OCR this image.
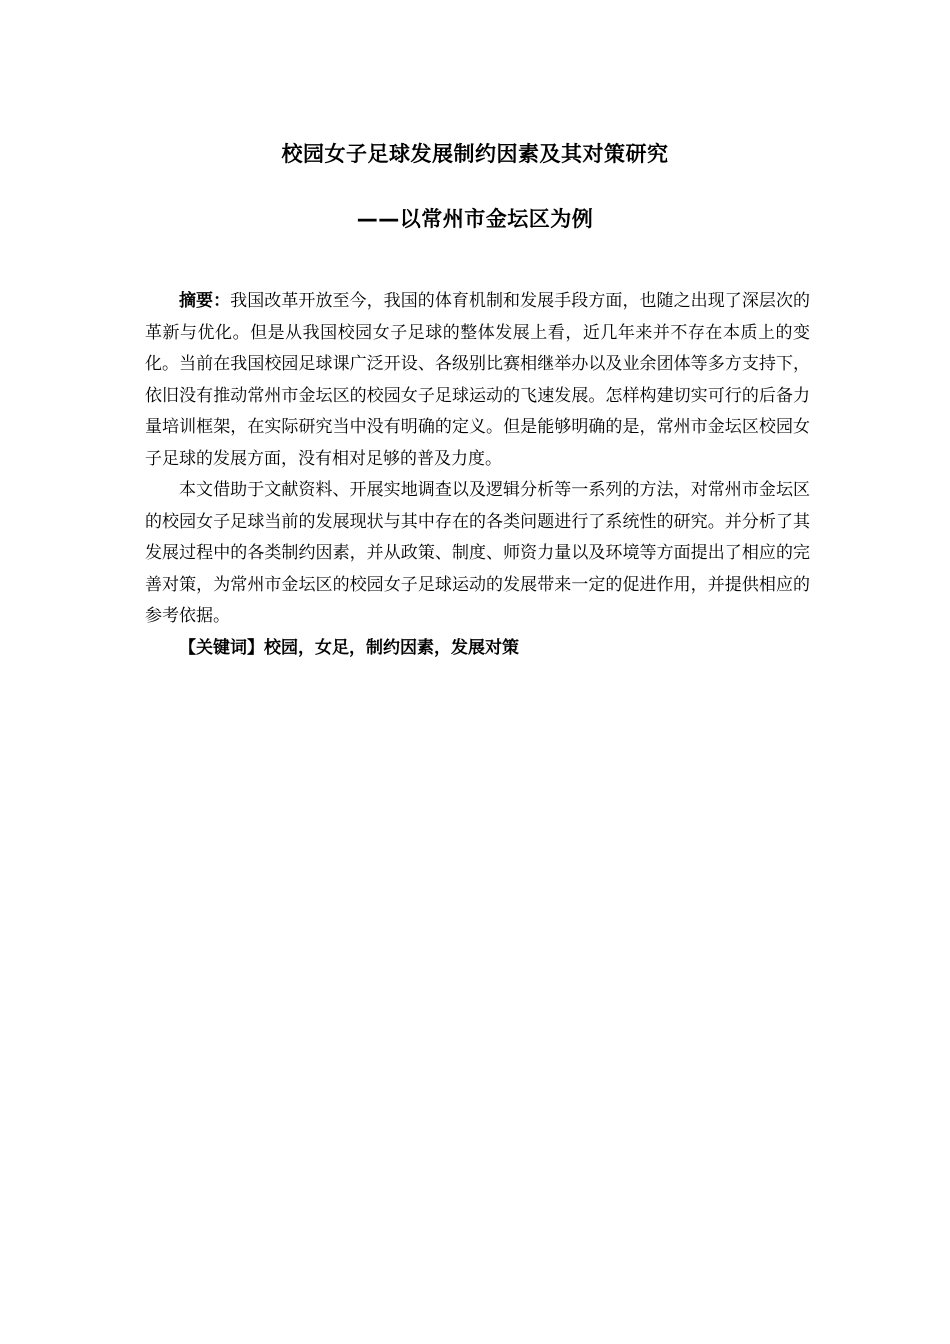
校园女子足球发展制约因素及其对策研究
——以常州市金坛区为例

摘要：我国改革开放至今，我国的体育机制和发展手段方面，也随之出现了深层次的革新与优化。但是从我国校园女子足球的整体发展上看，近几年来并不存在本质上的变化。当前在我国校园足球课广泛开设、各级别比赛相继举办以及业余团体等多方支持下，依旧没有推动常州市金坛区的校园女子足球运动的飞速发展。怎样构建切实可行的后备力量培训框架，在实际研究当中没有明确的定义。但是能够明确的是，常州市金坛区校园女子足球的发展方面，没有相对足够的普及力度。

本文借助于文献资料、开展实地调查以及逻辑分析等一系列的方法，对常州市金坛区的校园女子足球当前的发展现状与其中存在的各类问题进行了系统性的研究。并分析了其发展过程中的各类制约因素，并从政策、制度、师资力量以及环境等方面提出了相应的完善对策，为常州市金坛区的校园女子足球运动的发展带来一定的促进作用，并提供相应的参考依据。

【关键词】校园，女足，制约因素，发展对策
